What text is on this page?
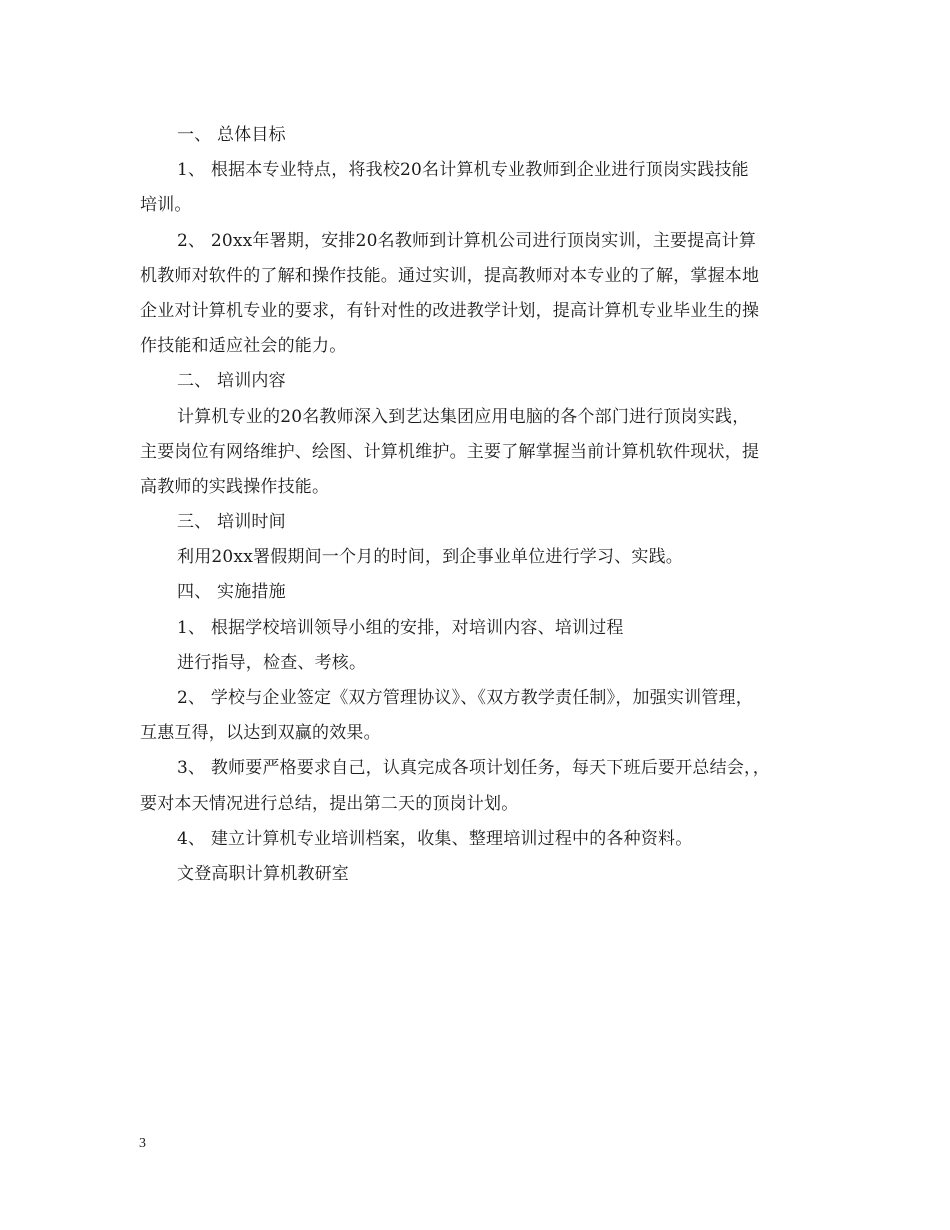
一、 总体目标
1、 根据本专业特点，将我校20名计算机专业教师到企业进行顶岗实践技能
培训。
2、 20xx年署期，安排20名教师到计算机公司进行顶岗实训，主要提高计算
机教师对软件的了解和操作技能。通过实训，提高教师对本专业的了解，掌握本地
企业对计算机专业的要求，有针对性的改进教学计划，提高计算机专业毕业生的操
作技能和适应社会的能力。
二、 培训内容
计算机专业的20名教师深入到艺达集团应用电脑的各个部门进行顶岗实践，
主要岗位有网络维护、绘图、计算机维护。主要了解掌握当前计算机软件现状，提
高教师的实践操作技能。
三、 培训时间
利用20xx署假期间一个月的时间，到企事业单位进行学习、实践。
四、 实施措施
1、 根据学校培训领导小组的安排，对培训内容、培训过程
进行指导，检查、考核。
2、 学校与企业签定《双方管理协议》、《双方教学责任制》，加强实训管理，
互惠互得，以达到双赢的效果。
3、 教师要严格要求自己，认真完成各项计划任务，每天下班后要开总结会，，
要对本天情况进行总结，提出第二天的顶岗计划。
4、 建立计算机专业培训档案，收集、整理培训过程中的各种资料。
文登高职计算机教研室
3
